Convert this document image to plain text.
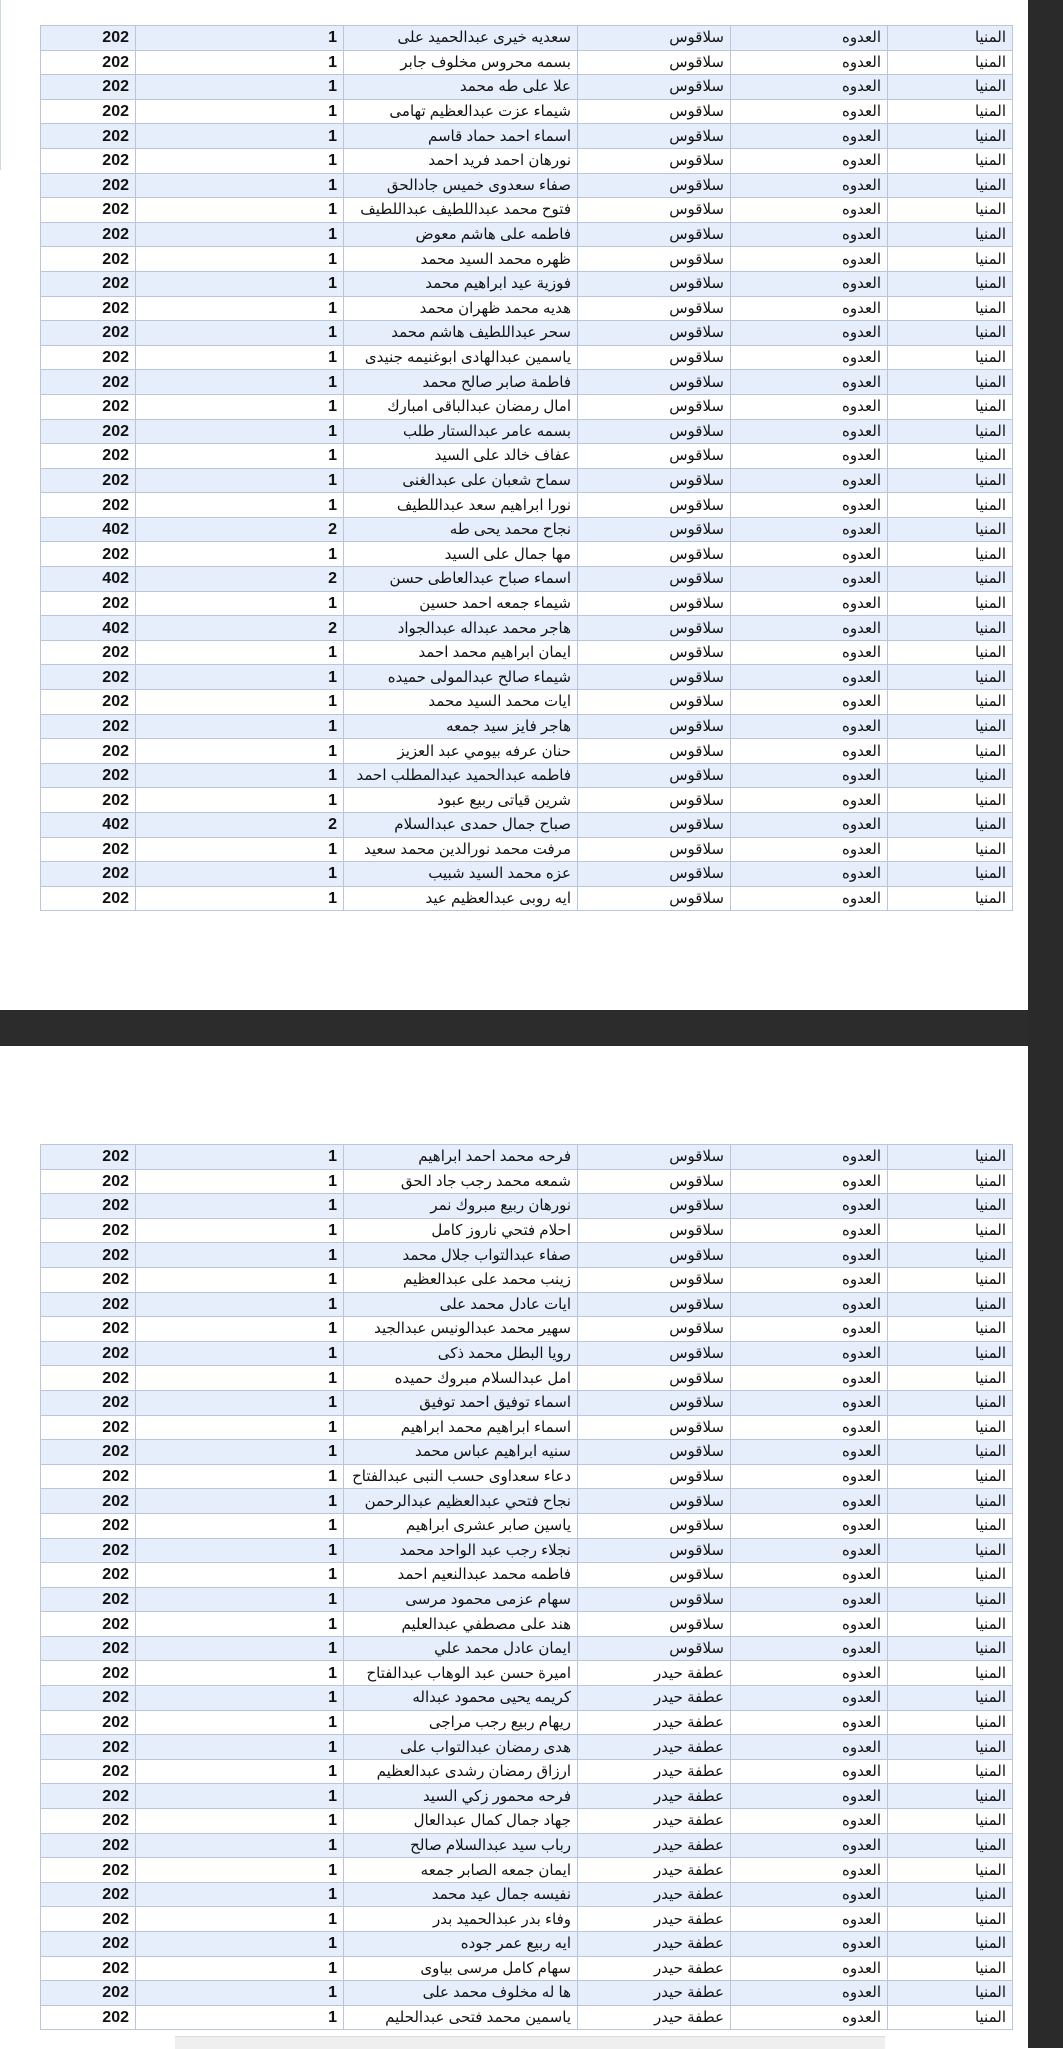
202	1	سعديه خيرى عبدالحميد على	سلاقوس	العدوه	المنيا
202	1	بسمه محروس مخلوف جابر	سلاقوس	العدوه	المنيا
202	1	علا على طه محمد	سلاقوس	العدوه	المنيا
202	1	شيماء عزت عبدالعظيم تهامى	سلاقوس	العدوه	المنيا
202	1	اسماء احمد حماد قاسم	سلاقوس	العدوه	المنيا
202	1	نورهان احمد فريد احمد	سلاقوس	العدوه	المنيا
202	1	صفاء سعدوى خميس جادالحق	سلاقوس	العدوه	المنيا
202	1	فتوح محمد عبداللطيف عبداللطيف	سلاقوس	العدوه	المنيا
202	1	فاطمه على هاشم معوض	سلاقوس	العدوه	المنيا
202	1	ظهره محمد السيد محمد	سلاقوس	العدوه	المنيا
202	1	فوزية عيد ابراهيم محمد	سلاقوس	العدوه	المنيا
202	1	هديه محمد ظهران محمد	سلاقوس	العدوه	المنيا
202	1	سحر عبداللطيف هاشم محمد	سلاقوس	العدوه	المنيا
202	1	ياسمين عبدالهادى ابوغنيمه جنيدى	سلاقوس	العدوه	المنيا
202	1	فاطمة صابر صالح محمد	سلاقوس	العدوه	المنيا
202	1	امال رمضان عبدالباقى امبارك	سلاقوس	العدوه	المنيا
202	1	بسمه عامر عبدالستار طلب	سلاقوس	العدوه	المنيا
202	1	عفاف خالد على السيد	سلاقوس	العدوه	المنيا
202	1	سماح شعبان على عبدالغنى	سلاقوس	العدوه	المنيا
202	1	نورا ابراهيم سعد عبداللطيف	سلاقوس	العدوه	المنيا
402	2	نجاح محمد يحى طه	سلاقوس	العدوه	المنيا
202	1	مها جمال على السيد	سلاقوس	العدوه	المنيا
402	2	اسماء صباح عبدالعاطى حسن	سلاقوس	العدوه	المنيا
202	1	شيماء جمعه احمد حسين	سلاقوس	العدوه	المنيا
402	2	هاجر محمد عبداله عبدالجواد	سلاقوس	العدوه	المنيا
202	1	ايمان ابراهيم محمد احمد	سلاقوس	العدوه	المنيا
202	1	شيماء صالح عبدالمولى حميده	سلاقوس	العدوه	المنيا
202	1	ايات محمد السيد محمد	سلاقوس	العدوه	المنيا
202	1	هاجر فايز سيد جمعه	سلاقوس	العدوه	المنيا
202	1	حنان عرفه بيومي عبد العزيز	سلاقوس	العدوه	المنيا
202	1	فاطمه عبدالحميد عبدالمطلب احمد	سلاقوس	العدوه	المنيا
202	1	شرين قياتى ربيع عبود	سلاقوس	العدوه	المنيا
402	2	صباح جمال حمدى عبدالسلام	سلاقوس	العدوه	المنيا
202	1	مرفت محمد نورالدين محمد سعيد	سلاقوس	العدوه	المنيا
202	1	عزه محمد السيد شبيب	سلاقوس	العدوه	المنيا
202	1	ايه روبى عبدالعظيم عيد	سلاقوس	العدوه	المنيا
202	1	فرحه محمد احمد ابراهيم	سلاقوس	العدوه	المنيا
202	1	شمعه محمد رجب جاد الحق	سلاقوس	العدوه	المنيا
202	1	نورهان ربيع مبروك نمر	سلاقوس	العدوه	المنيا
202	1	احلام فتحي ناروز كامل	سلاقوس	العدوه	المنيا
202	1	صفاء عبدالتواب جلال محمد	سلاقوس	العدوه	المنيا
202	1	زينب محمد على عبدالعظيم	سلاقوس	العدوه	المنيا
202	1	ايات عادل محمد على	سلاقوس	العدوه	المنيا
202	1	سهير محمد عبدالونيس عبدالجيد	سلاقوس	العدوه	المنيا
202	1	رويا البطل محمد ذكى	سلاقوس	العدوه	المنيا
202	1	امل عبدالسلام مبروك حميده	سلاقوس	العدوه	المنيا
202	1	اسماء توفيق احمد توفيق	سلاقوس	العدوه	المنيا
202	1	اسماء ابراهيم محمد ابراهيم	سلاقوس	العدوه	المنيا
202	1	سنيه ابراهيم عباس محمد	سلاقوس	العدوه	المنيا
202	1	دعاء سعداوى حسب النبى عبدالفتاح	سلاقوس	العدوه	المنيا
202	1	نجاح فتحي عبدالعظيم عبدالرحمن	سلاقوس	العدوه	المنيا
202	1	ياسين صابر عشرى ابراهيم	سلاقوس	العدوه	المنيا
202	1	نجلاء رجب عبد الواحد محمد	سلاقوس	العدوه	المنيا
202	1	فاطمه محمد عبدالنعيم احمد	سلاقوس	العدوه	المنيا
202	1	سهام عزمى محمود مرسى	سلاقوس	العدوه	المنيا
202	1	هند على مصطفي عبدالعليم	سلاقوس	العدوه	المنيا
202	1	ايمان عادل محمد علي	سلاقوس	العدوه	المنيا
202	1	اميرة حسن عبد الوهاب عبدالفتاح	عطفة حيدر	العدوه	المنيا
202	1	كريمه يحيى محمود عبداله	عطفة حيدر	العدوه	المنيا
202	1	ريهام ربيع رجب مراجى	عطفة حيدر	العدوه	المنيا
202	1	هدى رمضان عبدالتواب على	عطفة حيدر	العدوه	المنيا
202	1	ارزاق رمضان رشدى عبدالعظيم	عطفة حيدر	العدوه	المنيا
202	1	فرحه محمور زكي السيد	عطفة حيدر	العدوه	المنيا
202	1	جهاد جمال كمال عبدالعال	عطفة حيدر	العدوه	المنيا
202	1	رباب سيد عبدالسلام صالح	عطفة حيدر	العدوه	المنيا
202	1	ايمان جمعه الصابر جمعه	عطفة حيدر	العدوه	المنيا
202	1	نفيسه جمال عيد محمد	عطفة حيدر	العدوه	المنيا
202	1	وفاء بدر عبدالحميد بدر	عطفة حيدر	العدوه	المنيا
202	1	ايه ربيع عمر جوده	عطفة حيدر	العدوه	المنيا
202	1	سهام كامل مرسى بياوى	عطفة حيدر	العدوه	المنيا
202	1	ها له مخلوف محمد على	عطفة حيدر	العدوه	المنيا
202	1	ياسمين محمد فتحى عبدالحليم	عطفة حيدر	العدوه	المنيا
